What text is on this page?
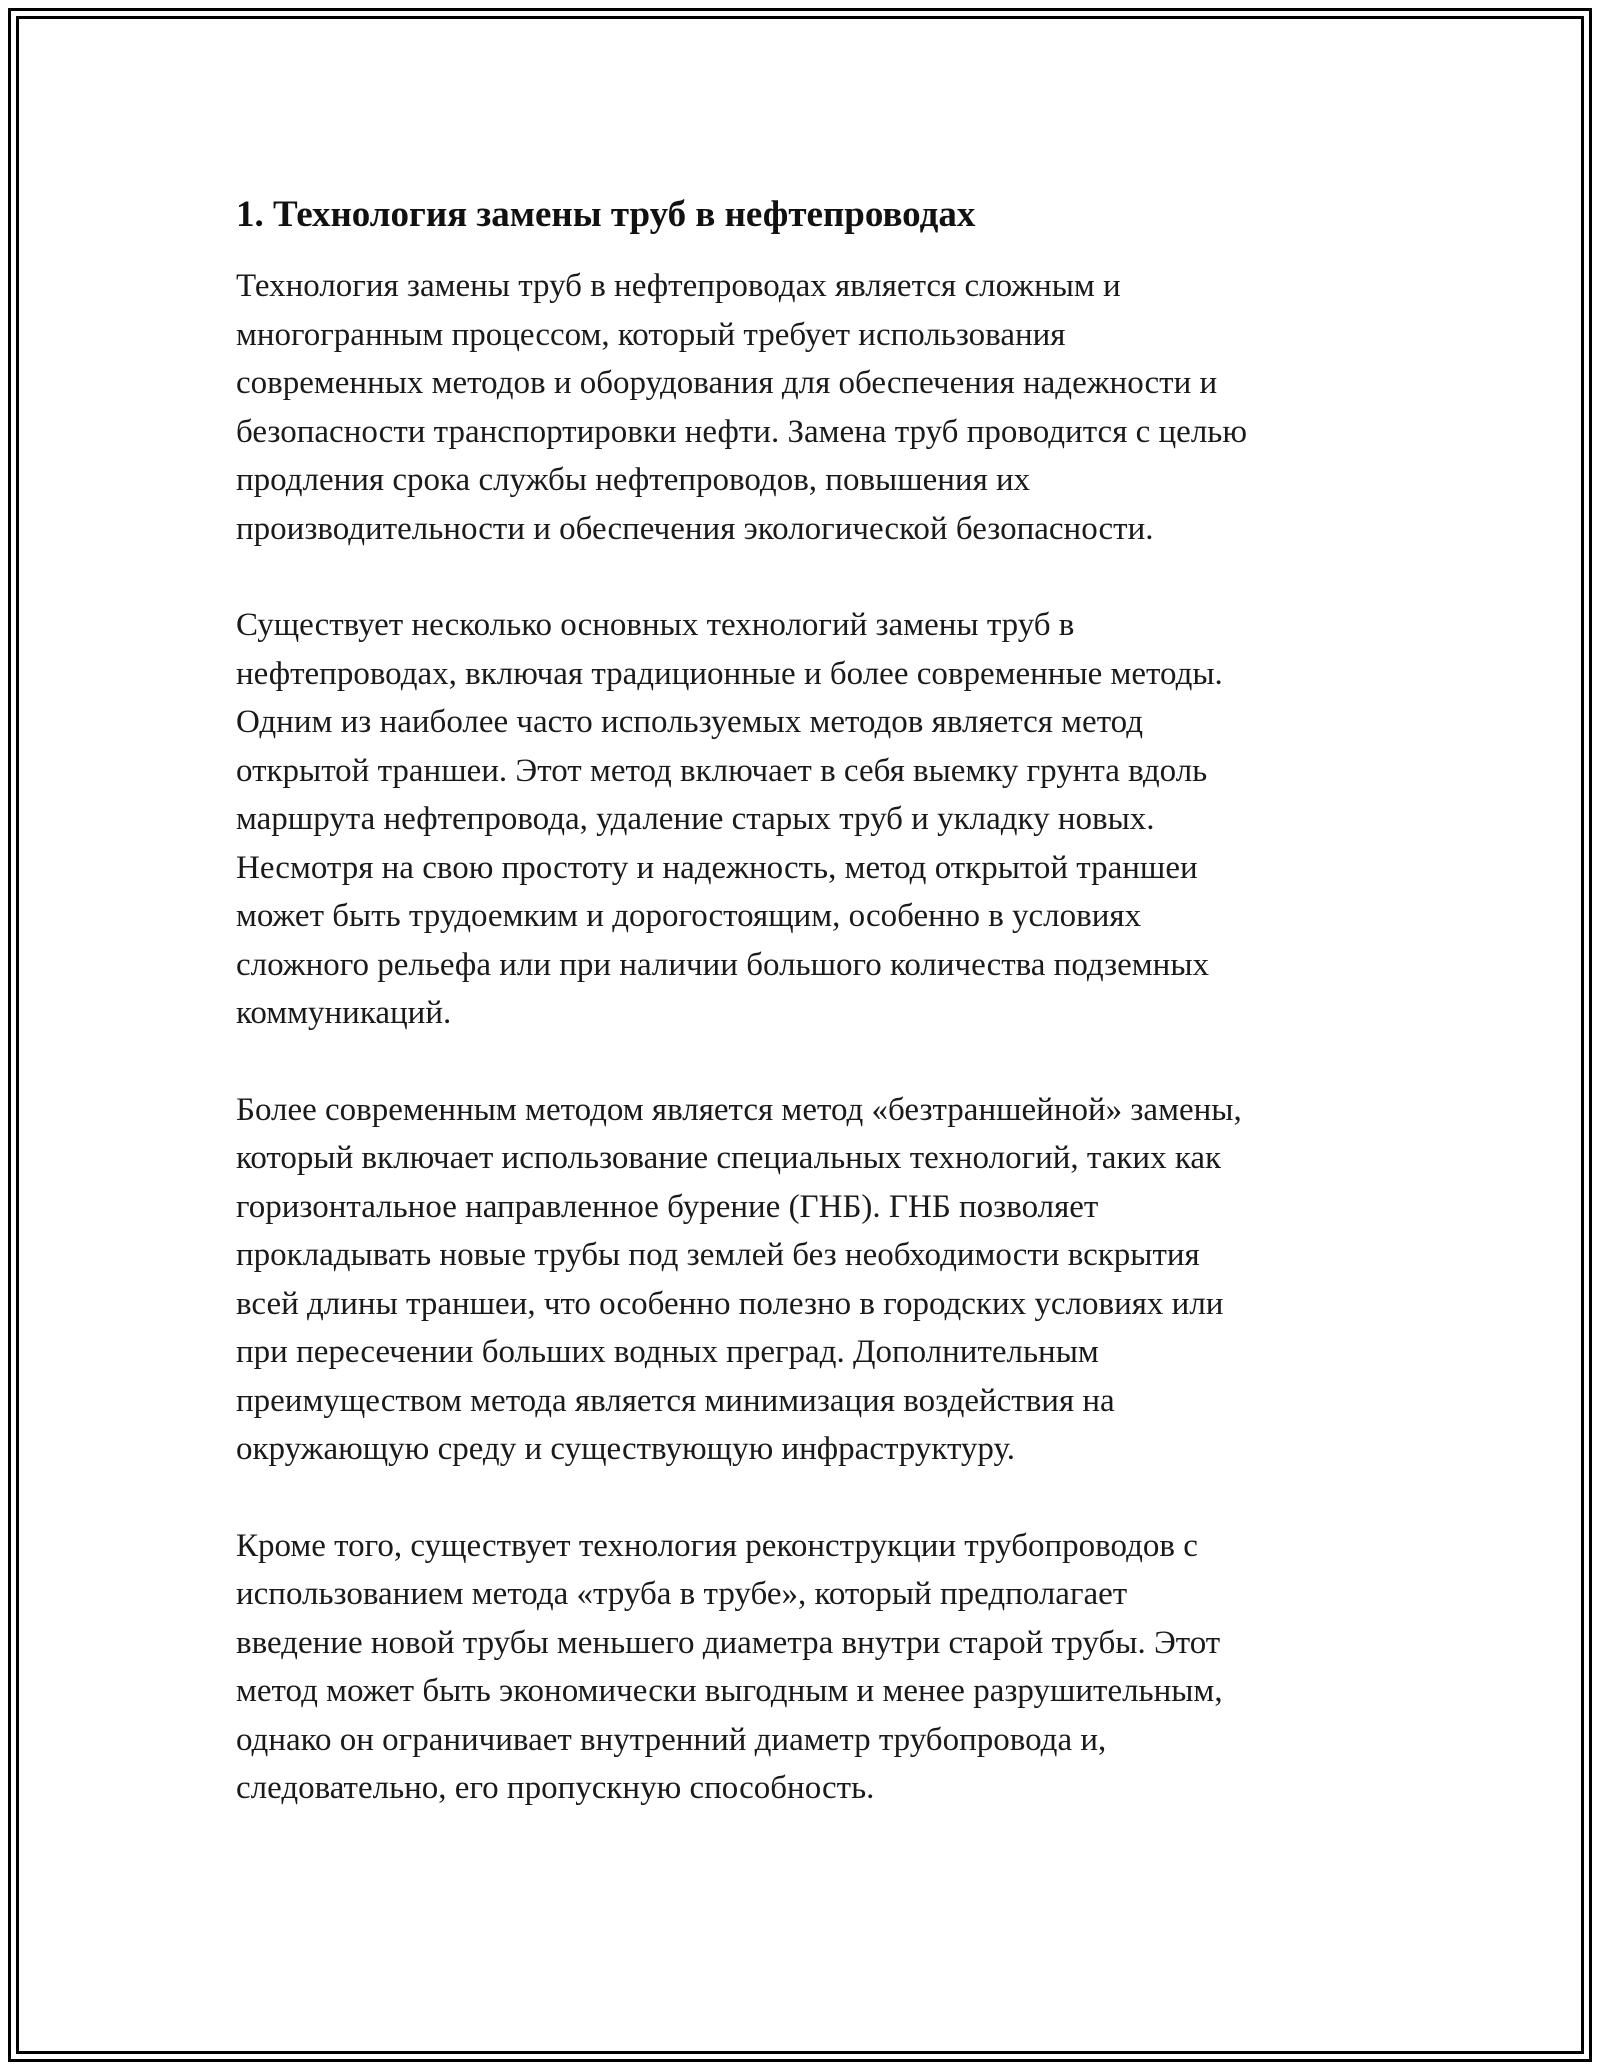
1. Технология замены труб в нефтепроводах

Технология замены труб в нефтепроводах является сложным и
многогранным процессом, который требует использования
современных методов и оборудования для обеспечения надежности и
безопасности транспортировки нефти. Замена труб проводится с целью
продления срока службы нефтепроводов, повышения их
производительности и обеспечения экологической безопасности.

Существует несколько основных технологий замены труб в
нефтепроводах, включая традиционные и более современные методы.
Одним из наиболее часто используемых методов является метод
открытой траншеи. Этот метод включает в себя выемку грунта вдоль
маршрута нефтепровода, удаление старых труб и укладку новых.
Несмотря на свою простоту и надежность, метод открытой траншеи
может быть трудоемким и дорогостоящим, особенно в условиях
сложного рельефа или при наличии большого количества подземных
коммуникаций.

Более современным методом является метод «безтраншейной» замены,
который включает использование специальных технологий, таких как
горизонтальное направленное бурение (ГНБ). ГНБ позволяет
прокладывать новые трубы под землей без необходимости вскрытия
всей длины траншеи, что особенно полезно в городских условиях или
при пересечении больших водных преград. Дополнительным
преимуществом метода является минимизация воздействия на
окружающую среду и существующую инфраструктуру.

Кроме того, существует технология реконструкции трубопроводов с
использованием метода «труба в трубе», который предполагает
введение новой трубы меньшего диаметра внутри старой трубы. Этот
метод может быть экономически выгодным и менее разрушительным,
однако он ограничивает внутренний диаметр трубопровода и,
следовательно, его пропускную способность.
